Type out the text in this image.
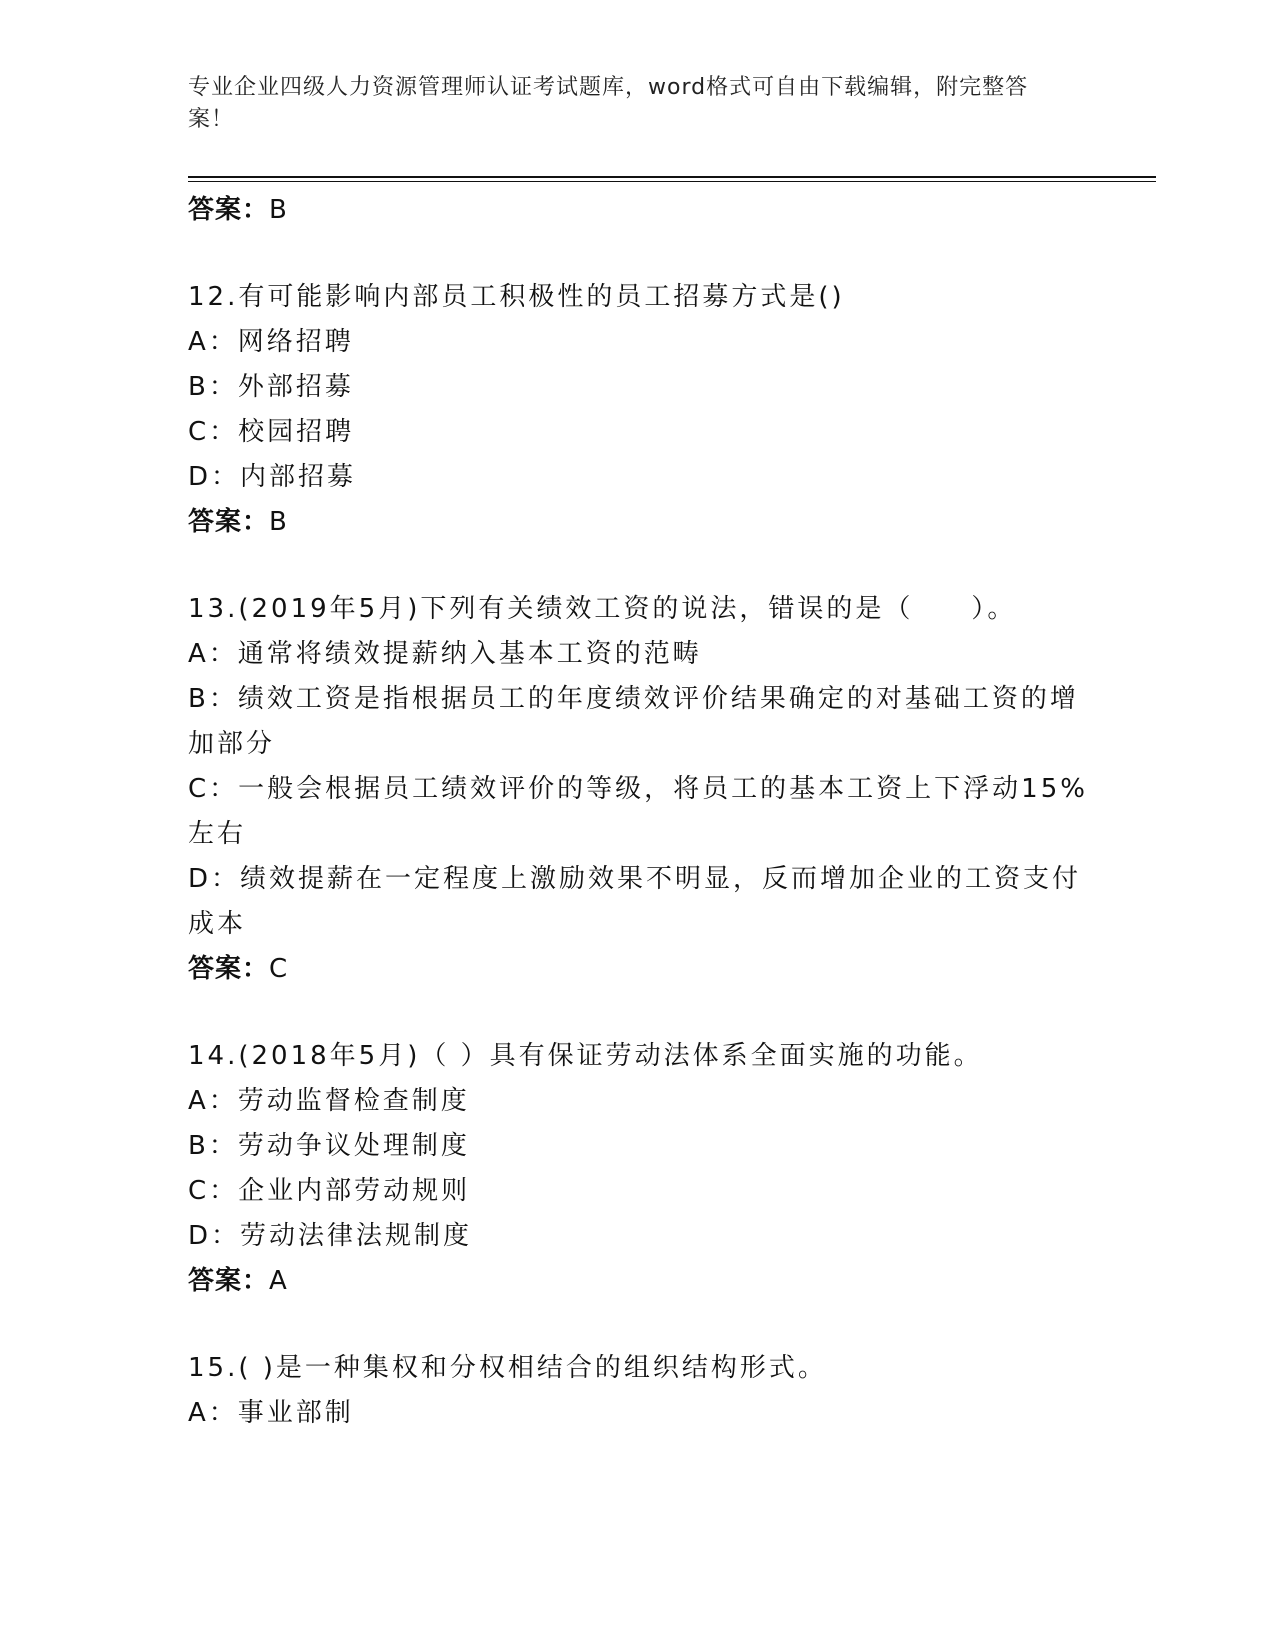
专业企业四级人力资源管理师认证考试题库，word格式可自由下载编辑，附完整答案！
答案：B
12.有可能影响内部员工积极性的员工招募方式是()
A：网络招聘
B：外部招募
C：校园招聘
D：内部招募
答案：B
13.(2019年5月)下列有关绩效工资的说法，错误的是（　　）。
A：通常将绩效提薪纳入基本工资的范畴
B：绩效工资是指根据员工的年度绩效评价结果确定的对基础工资的增
加部分
C：一般会根据员工绩效评价的等级，将员工的基本工资上下浮动15%
左右
D：绩效提薪在一定程度上激励效果不明显，反而增加企业的工资支付
成本
答案：C
14.(2018年5月)（ ）具有保证劳动法体系全面实施的功能。
A：劳动监督检查制度
B：劳动争议处理制度
C：企业内部劳动规则
D：劳动法律法规制度
答案：A
15.( )是一种集权和分权相结合的组织结构形式。
A：事业部制
